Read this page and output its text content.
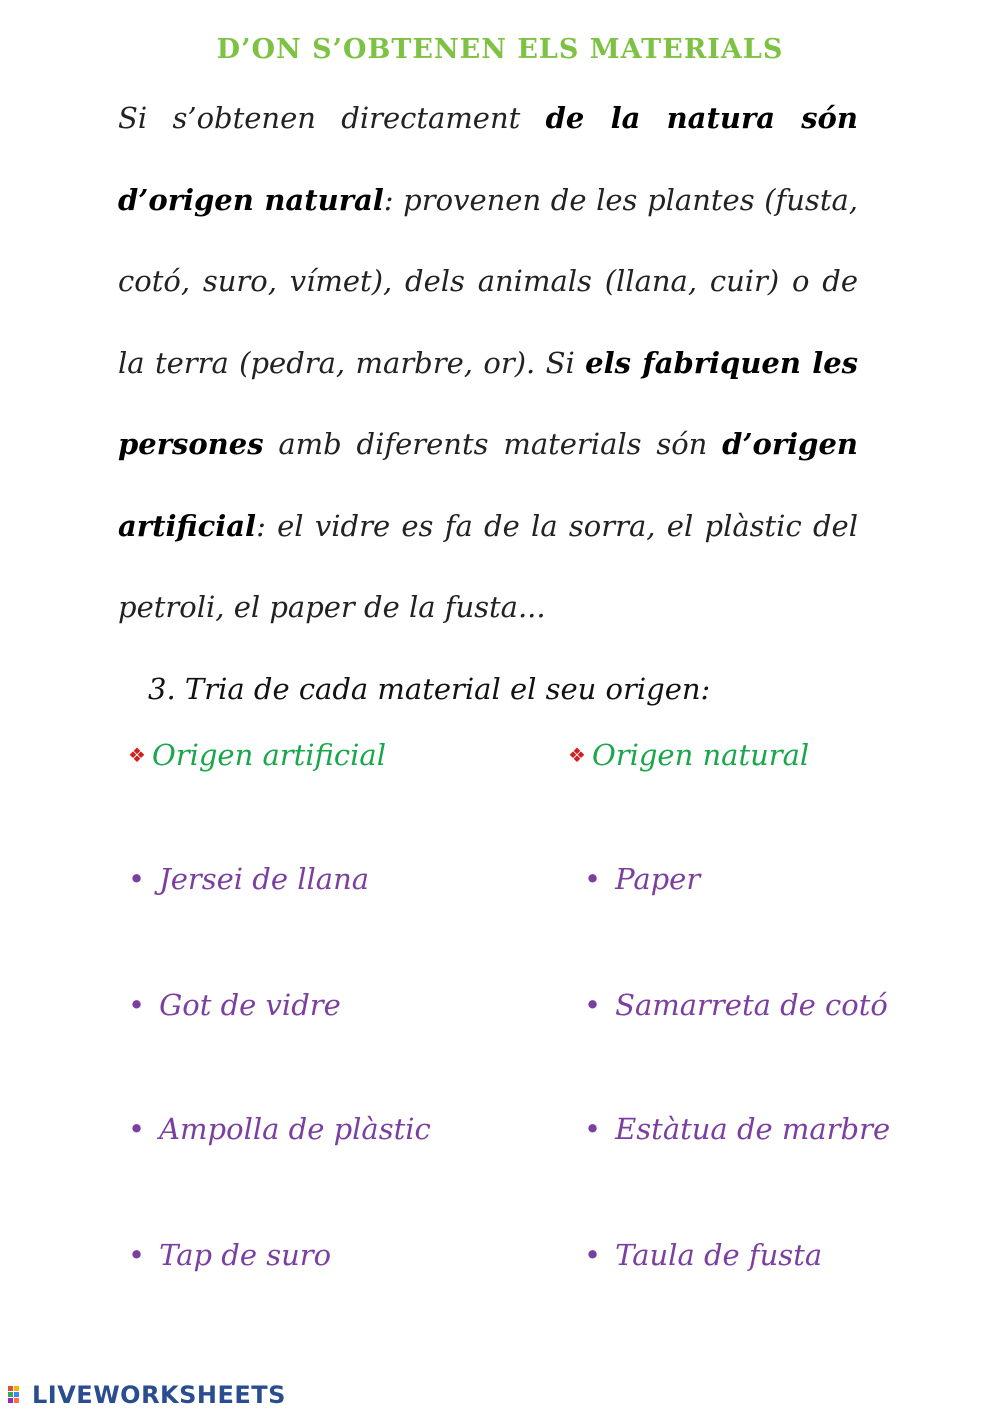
D’ON S’OBTENEN ELS MATERIALS
Si s’obtenen directament de la natura són d’origen natural: provenen de les plantes (fusta, cotó, suro, vímet), dels animals (llana, cuir) o de la terra (pedra, marbre, or). Si els fabriquen les persones amb diferents materials són d’origen artificial: el vidre es fa de la sorra, el plàstic del petroli, el paper de la fusta...
3. Tria de cada material el seu origen:
❖ Origen artificial	❖ Origen natural
• Jersei de llana
• Got de vidre
• Ampolla de plàstic
• Tap de suro
• Paper
• Samarreta de cotó
• Estàtua de marbre
• Taula de fusta
LIVEWORKSHEETS
